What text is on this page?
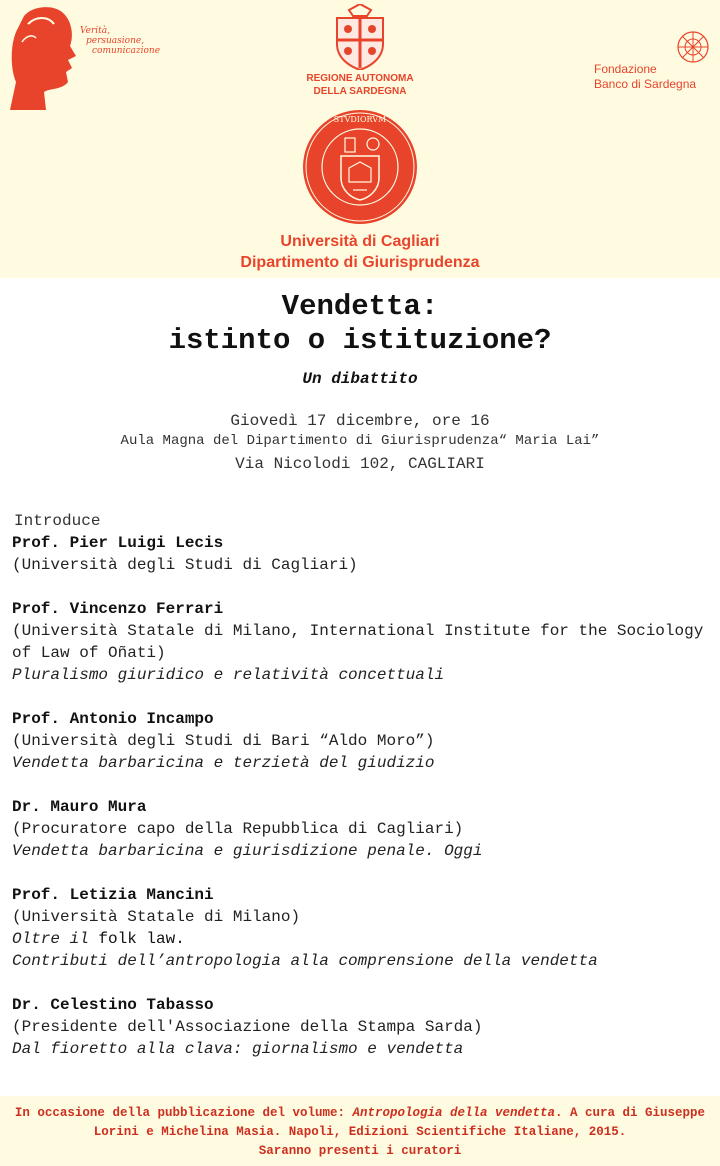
Verità,
persuasione,
comunicazione
REGIONE AUTONOMA
DELLA SARDEGNA
Fondazione
Banco di Sardegna
STVDIORVM
Università di Cagliari
Dipartimento di Giurisprudenza
Vendetta:
istinto o istituzione?
Un dibattito
Giovedì 17 dicembre, ore 16
Aula Magna del Dipartimento di Giurisprudenza“ Maria Lai”
Via Nicolodi 102, CAGLIARI
Introduce
Prof. Pier Luigi Lecis
(Università degli Studi di Cagliari)
Prof. Vincenzo Ferrari
(Università Statale di Milano, International Institute for the Sociology of Law of Oñati)
Pluralismo giuridico e relatività concettuali
Prof. Antonio Incampo
(Università degli Studi di Bari “Aldo Moro”)
Vendetta barbaricina e terzietà del giudizio
Dr. Mauro Mura
(Procuratore capo della Repubblica di Cagliari)
Vendetta barbaricina e giurisdizione penale. Oggi
Prof. Letizia Mancini
(Università Statale di Milano)
Oltre il folk law.
Contributi dell’antropologia alla comprensione della vendetta
Dr. Celestino Tabasso
(Presidente dell'Associazione della Stampa Sarda)
Dal fioretto alla clava: giornalismo e vendetta
In occasione della pubblicazione del volume: Antropologia della vendetta. A cura di Giuseppe Lorini e Michelina Masia. Napoli, Edizioni Scientifiche Italiane, 2015.
Saranno presenti i curatori
